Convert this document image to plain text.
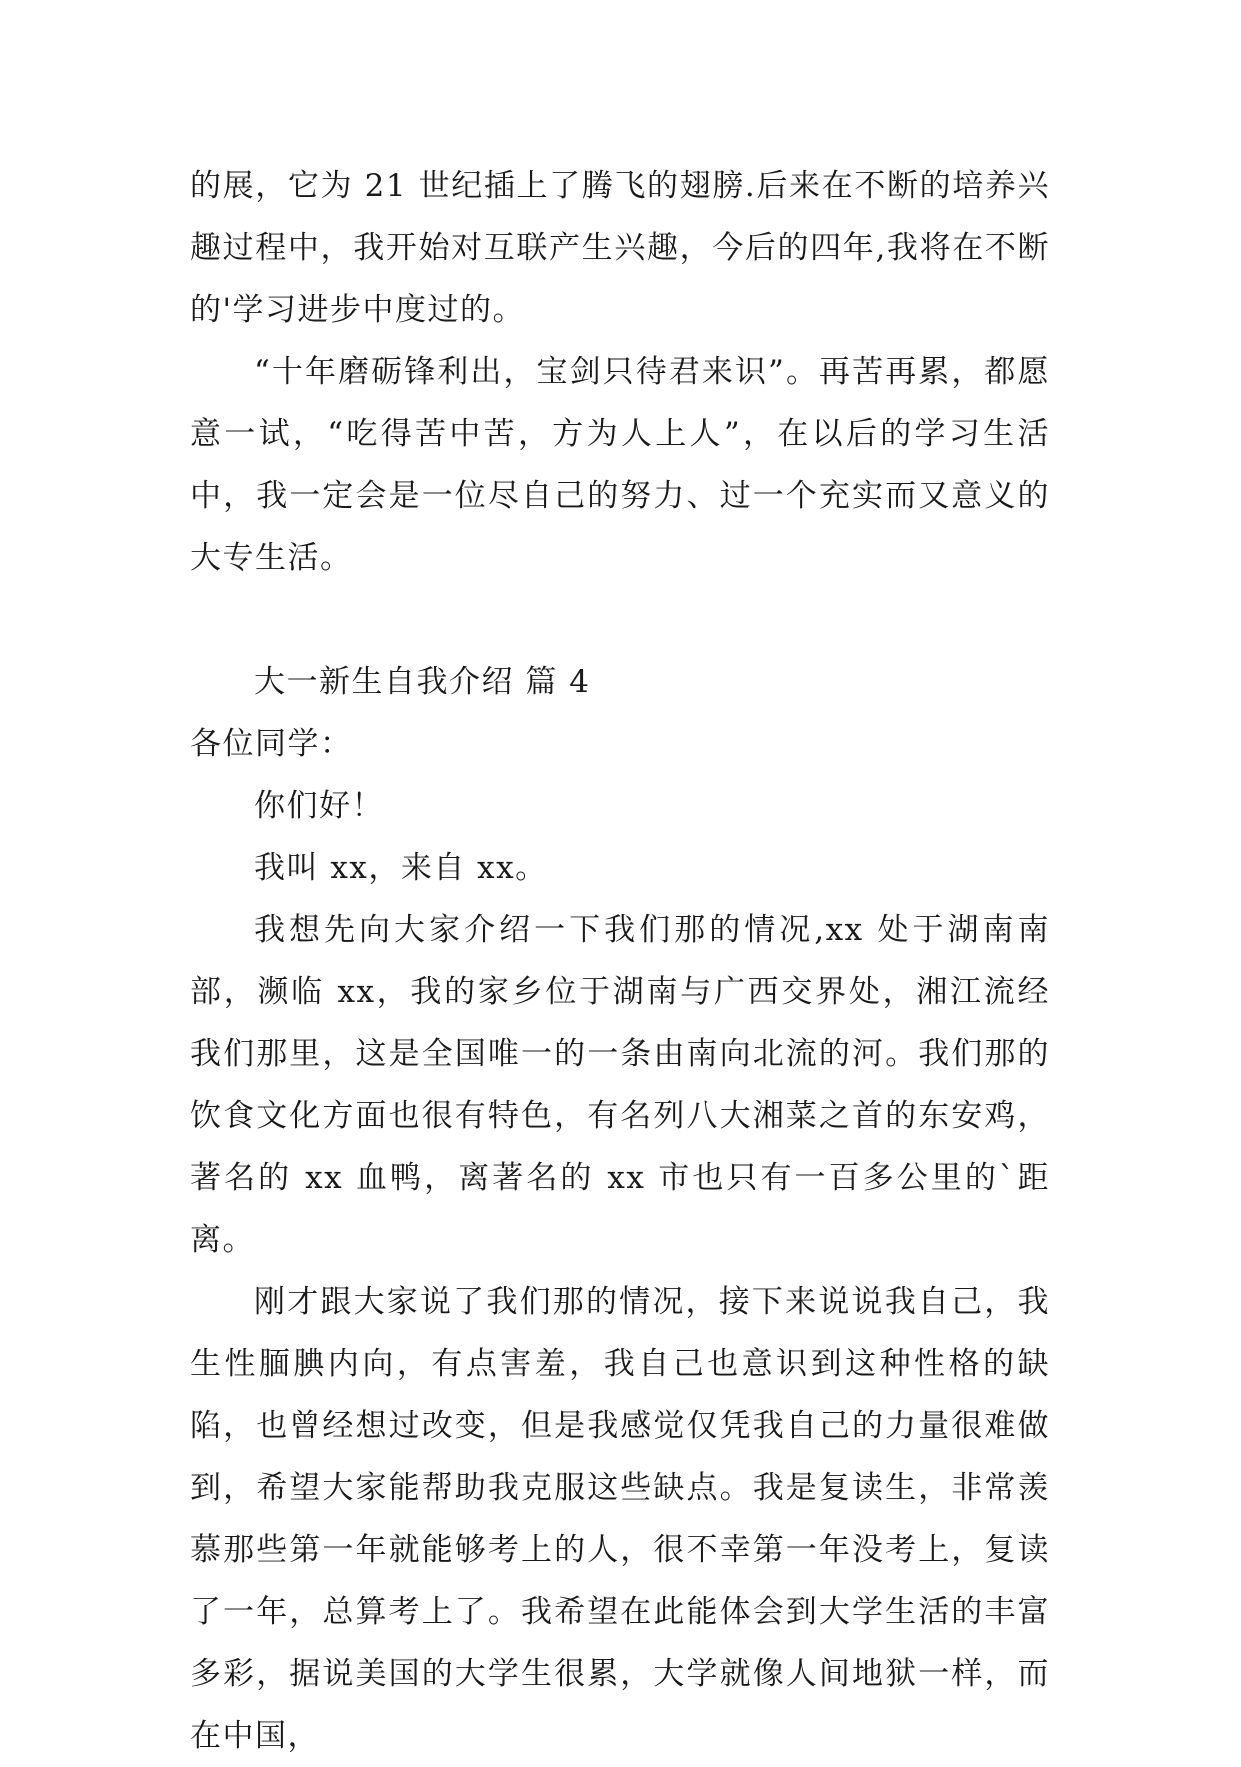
的展，它为 21 世纪插上了腾飞的翅膀.后来在不断的培养兴趣过程中，我开始对互联产生兴趣，今后的四年,我将在不断的'学习进步中度过的。

“十年磨砺锋利出，宝剑只待君来识”。再苦再累，都愿意一试，“吃得苦中苦，方为人上人”，在以后的学习生活中，我一定会是一位尽自己的努力、过一个充实而又意义的大专生活。

大一新生自我介绍 篇 4

各位同学：

你们好！

我叫 xx，来自 xx。

我想先向大家介绍一下我们那的情况,xx 处于湖南南部，濒临 xx，我的家乡位于湖南与广西交界处，湘江流经我们那里，这是全国唯一的一条由南向北流的河。我们那的饮食文化方面也很有特色，有名列八大湘菜之首的东安鸡，著名的 xx 血鸭，离著名的 xx 市也只有一百多公里的`距离。

刚才跟大家说了我们那的情况，接下来说说我自己，我生性腼腆内向，有点害羞，我自己也意识到这种性格的缺陷，也曾经想过改变，但是我感觉仅凭我自己的力量很难做到，希望大家能帮助我克服这些缺点。我是复读生，非常羡慕那些第一年就能够考上的人，很不幸第一年没考上，复读了一年，总算考上了。我希望在此能体会到大学生活的丰富多彩，据说美国的大学生很累，大学就像人间地狱一样，而在中国，
